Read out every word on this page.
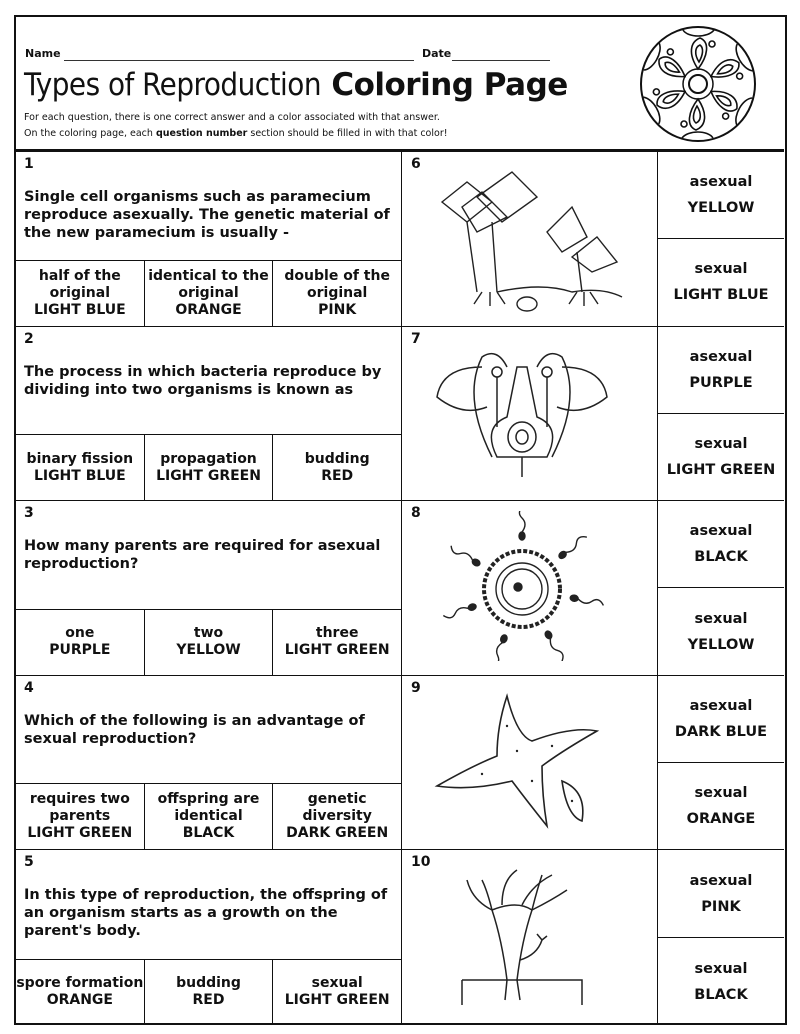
Name	Date
Types of Reproduction Coloring Page
For each question, there is one correct answer and a color associated with that answer.
On the coloring page, each question number section should be filled in with that color!
1
Single cell organisms such as paramecium reproduce asexually. The genetic material of the new paramecium is usually -
half of the original
LIGHT BLUE
identical to the original
ORANGE
double of the original
PINK
6
asexual
YELLOW
sexual
LIGHT BLUE
2
The process in which bacteria reproduce by dividing into two organisms is known as
binary fission
LIGHT BLUE
propagation
LIGHT GREEN
budding
RED
7
asexual
PURPLE
sexual
LIGHT GREEN
3
How many parents are required for asexual reproduction?
one
PURPLE
two
YELLOW
three
LIGHT GREEN
8
asexual
BLACK
sexual
YELLOW
4
Which of the following is an advantage of sexual reproduction?
requires two parents
LIGHT GREEN
offspring are identical
BLACK
genetic diversity
DARK GREEN
9
asexual
DARK BLUE
sexual
ORANGE
5
In this type of reproduction, the offspring of an organism starts as a growth on the parent's body.
spore formation
ORANGE
budding
RED
sexual
LIGHT GREEN
10
asexual
PINK
sexual
BLACK
